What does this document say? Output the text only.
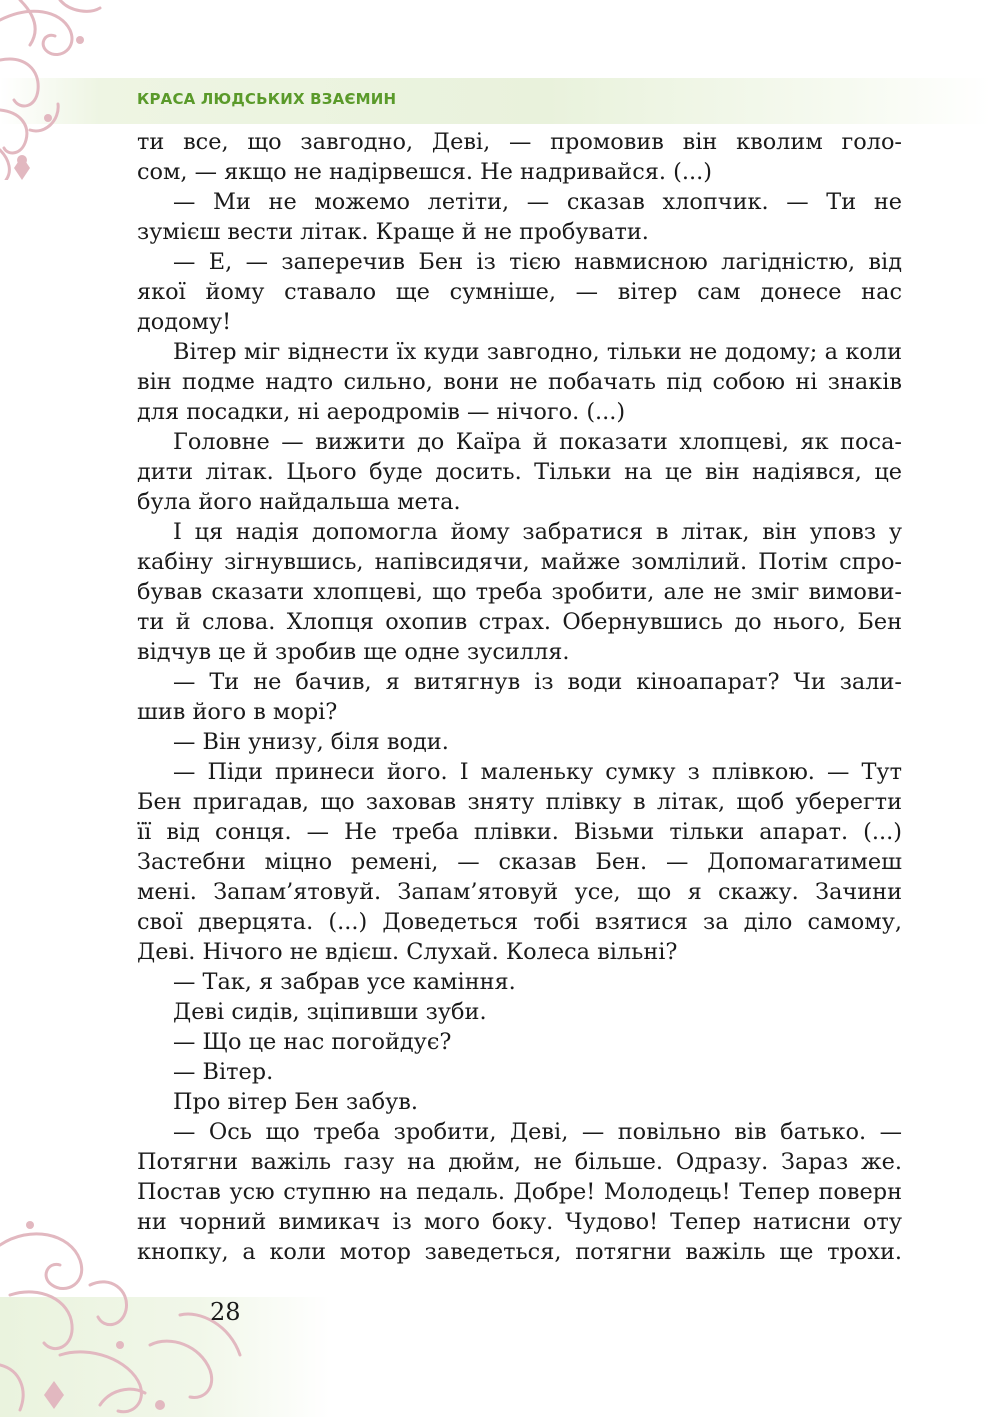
КРАСА ЛЮДСЬКИХ ВЗАЄМИН
ти все, що завгодно, Деві, — промовив він кволим голо-
сом, — якщо не надірвешся. Не надривайся. (...)
— Ми не можемо летіти, — сказав хлопчик. — Ти не
зумієш вести літак. Краще й не пробувати.
— Е, — заперечив Бен із тією навмисною лагідністю, від
якої йому ставало ще сумніше, — вітер сам донесе нас
додому!
Вітер міг віднести їх куди завгодно, тільки не додому; а коли
він подме надто сильно, вони не побачать під собою ні знаків
для посадки, ні аеродромів — нічого. (...)
Головне — вижити до Каїра й показати хлопцеві, як поса-
дити літак. Цього буде досить. Тільки на це він надіявся, це
була його найдальша мета.
І ця надія допомогла йому забратися в літак, він уповз у
кабіну зігнувшись, напівсидячи, майже зомлілий. Потім спро-
бував сказати хлопцеві, що треба зробити, але не зміг вимови-
ти й слова. Хлопця охопив страх. Обернувшись до нього, Бен
відчув це й зробив ще одне зусилля.
— Ти не бачив, я витягнув із води кіноапарат? Чи зали-
шив його в морі?
— Він унизу, біля води.
— Піди принеси його. І маленьку сумку з плівкою. — Тут
Бен пригадав, що заховав зняту плівку в літак, щоб уберегти
її від сонця. — Не треба плівки. Візьми тільки апарат. (...)
Застебни міцно ремені, — сказав Бен. — Допомагатимеш
мені. Запам’ятовуй. Запам’ятовуй усе, що я скажу. Зачини
свої дверцята. (...) Доведеться тобі взятися за діло самому,
Деві. Нічого не вдієш. Слухай. Колеса вільні?
— Так, я забрав усе каміння.
Деві сидів, зціпивши зуби.
— Що це нас погойдує?
— Вітер.
Про вітер Бен забув.
— Ось що треба зробити, Деві, — повільно вів батько. —
Потягни важіль газу на дюйм, не більше. Одразу. Зараз же.
Постав усю ступню на педаль. Добре! Молодець! Тепер поверн
ни чорний вимикач із мого боку. Чудово! Тепер натисни оту
кнопку, а коли мотор заведеться, потягни важіль ще трохи.
28
